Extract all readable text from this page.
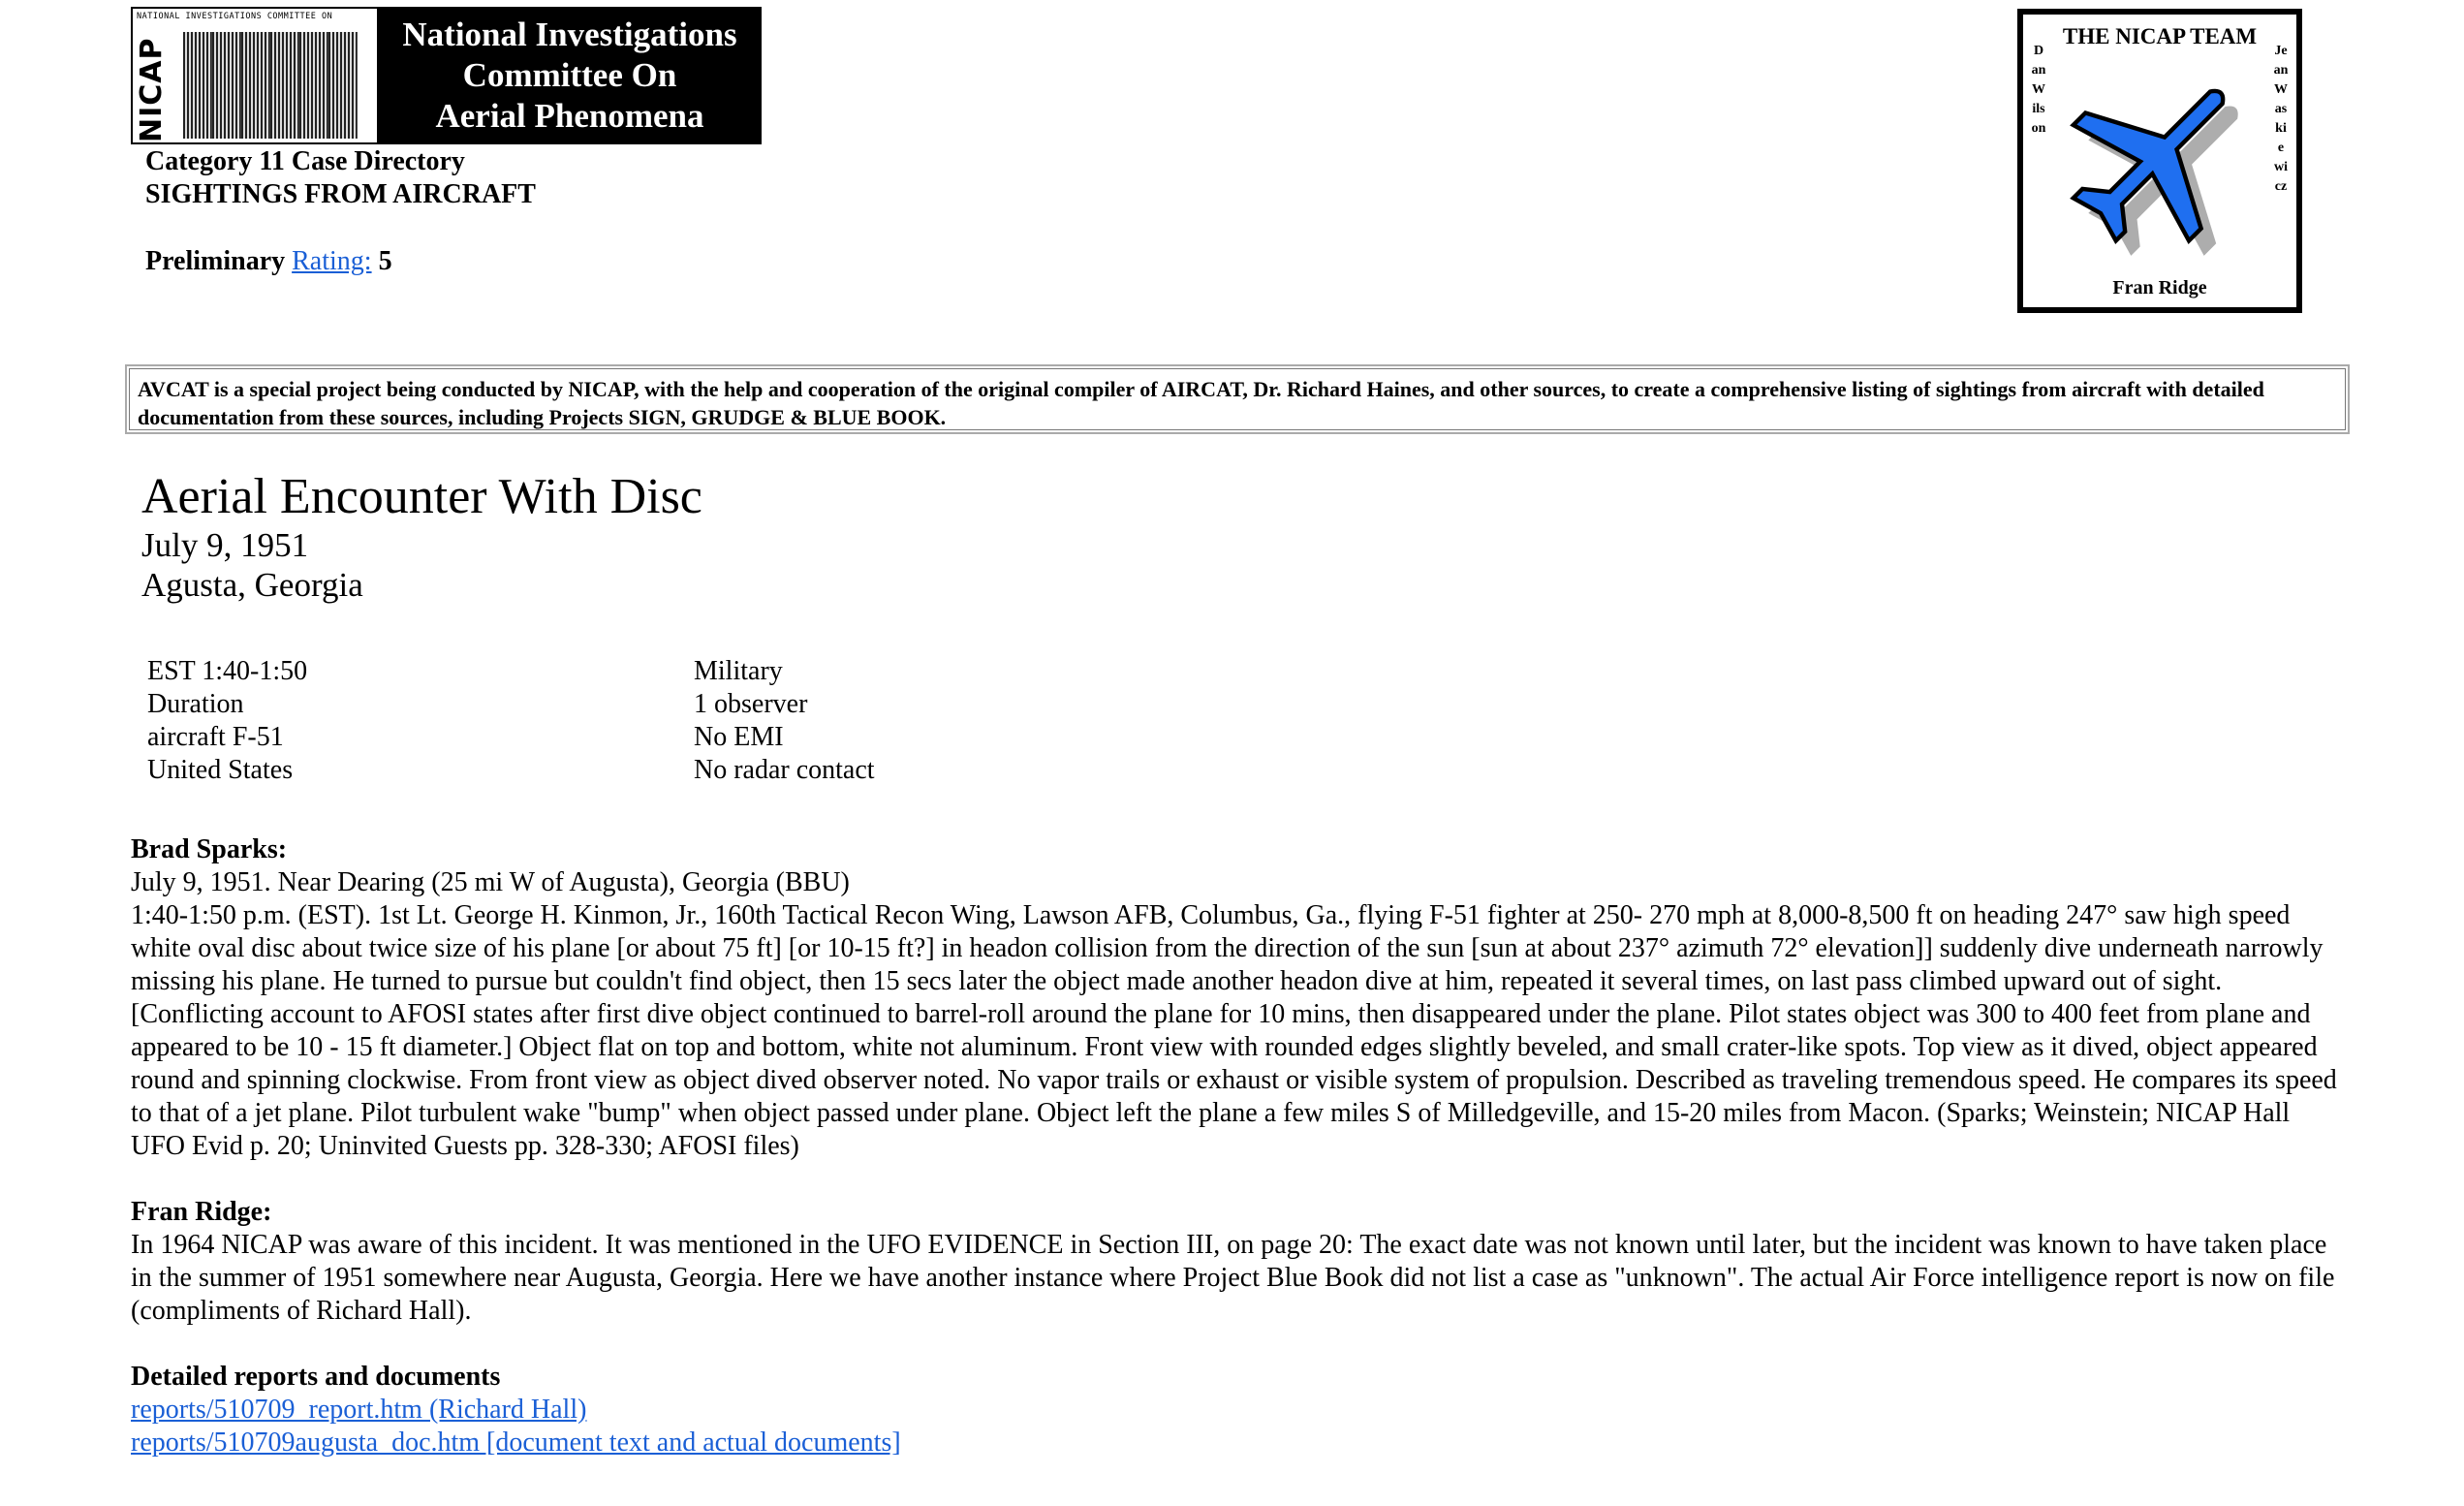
NATIONAL INVESTIGATIONS COMMITTEE ON
NICAP	AERIAL PHENOMENA National Investigations
Committee On
Aerial Phenomena
Category 11 Case Directory
SIGHTINGS FROM AIRCRAFT
Preliminary Rating: 5
THE NICAP TEAM
Dan Wilson
Jean Waskiewicz
Fran Ridge
AVCAT is a special project being conducted by NICAP, with the help and cooperation of the original compiler of AIRCAT, Dr. Richard Haines, and other sources, to create a comprehensive listing of sightings from aircraft with detailed documentation from these sources, including Projects SIGN, GRUDGE & BLUE BOOK.
Aerial Encounter With Disc
July 9, 1951
Agusta, Georgia
EST 1:40-1:50
Duration
aircraft F-51
United States
Military
1 observer
No EMI
No radar contact
Brad Sparks:
July 9, 1951. Near Dearing (25 mi W of Augusta), Georgia (BBU)
1:40-1:50 p.m. (EST). 1st Lt. George H. Kinmon, Jr., 160th Tactical Recon Wing, Lawson AFB, Columbus, Ga., flying F-51 fighter at 250- 270 mph at 8,000-8,500 ft on heading 247° saw high speed white oval disc about twice size of his plane [or about 75 ft] [or 10-15 ft?] in headon collision from the direction of the sun [sun at about 237° azimuth 72° elevation]] suddenly dive underneath narrowly missing his plane. He turned to pursue but couldn't find object, then 15 secs later the object made another headon dive at him, repeated it several times, on last pass climbed upward out of sight. [Conflicting account to AFOSI states after first dive object continued to barrel-roll around the plane for 10 mins, then disappeared under the plane. Pilot states object was 300 to 400 feet from plane and appeared to be 10 - 15 ft diameter.] Object flat on top and bottom, white not aluminum. Front view with rounded edges slightly beveled, and small crater-like spots. Top view as it dived, object appeared round and spinning clockwise. From front view as object dived observer noted. No vapor trails or exhaust or visible system of propulsion. Described as traveling tremendous speed. He compares its speed to that of a jet plane. Pilot turbulent wake "bump" when object passed under plane. Object left the plane a few miles S of Milledgeville, and 15-20 miles from Macon. (Sparks; Weinstein; NICAP Hall UFO Evid p. 20; Uninvited Guests pp. 328-330; AFOSI files)
Fran Ridge:
In 1964 NICAP was aware of this incident. It was mentioned in the UFO EVIDENCE in Section III, on page 20: The exact date was not known until later, but the incident was known to have taken place in the summer of 1951 somewhere near Augusta, Georgia. Here we have another instance where Project Blue Book did not list a case as "unknown". The actual Air Force intelligence report is now on file (compliments of Richard Hall).
Detailed reports and documents
reports/510709_report.htm (Richard Hall)
reports/510709augusta_doc.htm [document text and actual documents]
